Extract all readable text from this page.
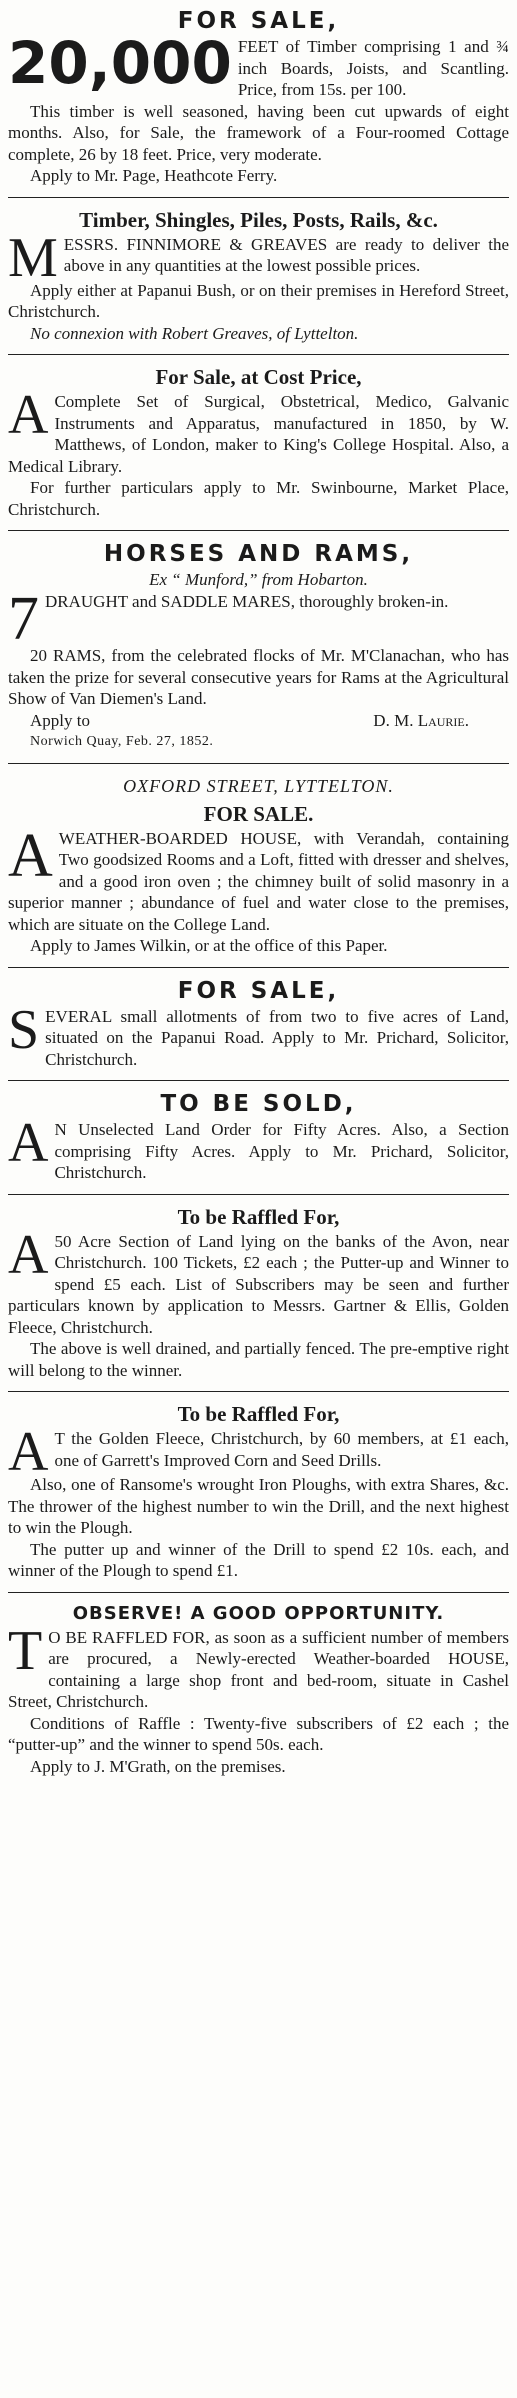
FOR SALE,

20,000 FEET of Timber comprising 1 and ¾ inch Boards, Joists, and Scantling. Price, from 15s. per 100.

This timber is well seasoned, having been cut upwards of eight months. Also, for Sale, the framework of a Four-roomed Cottage complete, 26 by 18 feet. Price, very moderate.

Apply to Mr. Page, Heathcote Ferry.

Timber, Shingles, Piles, Posts, Rails, &c.

M ESSRS. FINNIMORE & GREAVES are ready to deliver the above in any quantities at the lowest possible prices.

Apply either at Papanui Bush, or on their premises in Hereford Street, Christchurch.

No connexion with Robert Greaves, of Lyttelton.

For Sale, at Cost Price,

A Complete Set of Surgical, Obstetrical, Medico, Galvanic Instruments and Apparatus, manufactured in 1850, by W. Matthews, of London, maker to King's College Hospital. Also, a Medical Library.

For further particulars apply to Mr. Swinbourne, Market Place, Christchurch.

HORSES AND RAMS,
Ex “ Munford,” from Hobarton.

7 DRAUGHT and SADDLE MARES, thoroughly broken-in.

20 RAMS, from the celebrated flocks of Mr. M'Clanachan, who has taken the prize for several consecutive years for Rams at the Agricultural Show of Van Diemen's Land.

Apply to	D. M. Laurie.

Norwich Quay, Feb. 27, 1852.

OXFORD STREET, LYTTELTON.
FOR SALE.

A WEATHER-BOARDED HOUSE, with Verandah, containing Two goodsized Rooms and a Loft, fitted with dresser and shelves, and a good iron oven ; the chimney built of solid masonry in a superior manner ; abundance of fuel and water close to the premises, which are situate on the College Land.

Apply to James Wilkin, or at the office of this Paper.

FOR SALE,

S EVERAL small allotments of from two to five acres of Land, situated on the Papanui Road. Apply to Mr. Prichard, Solicitor, Christchurch.

TO BE SOLD,

A N Unselected Land Order for Fifty Acres. Also, a Section comprising Fifty Acres. Apply to Mr. Prichard, Solicitor, Christchurch.

To be Raffled For,

A 50 Acre Section of Land lying on the banks of the Avon, near Christchurch. 100 Tickets, £2 each ; the Putter-up and Winner to spend £5 each. List of Subscribers may be seen and further particulars known by application to Messrs. Gartner & Ellis, Golden Fleece, Christchurch.

The above is well drained, and partially fenced. The pre-emptive right will belong to the winner.

To be Raffled For,

A T the Golden Fleece, Christchurch, by 60 members, at £1 each, one of Garrett's Improved Corn and Seed Drills.

Also, one of Ransome's wrought Iron Ploughs, with extra Shares, &c. The thrower of the highest number to win the Drill, and the next highest to win the Plough.

The putter up and winner of the Drill to spend £2 10s. each, and winner of the Plough to spend £1.

OBSERVE! A GOOD OPPORTUNITY.

T O BE RAFFLED FOR, as soon as a sufficient number of members are procured, a Newly-erected Weather-boarded HOUSE, containing a large shop front and bed-room, situate in Cashel Street, Christchurch.

Conditions of Raffle : Twenty-five subscribers of £2 each ; the “putter-up” and the winner to spend 50s. each.

Apply to J. M'Grath, on the premises.
